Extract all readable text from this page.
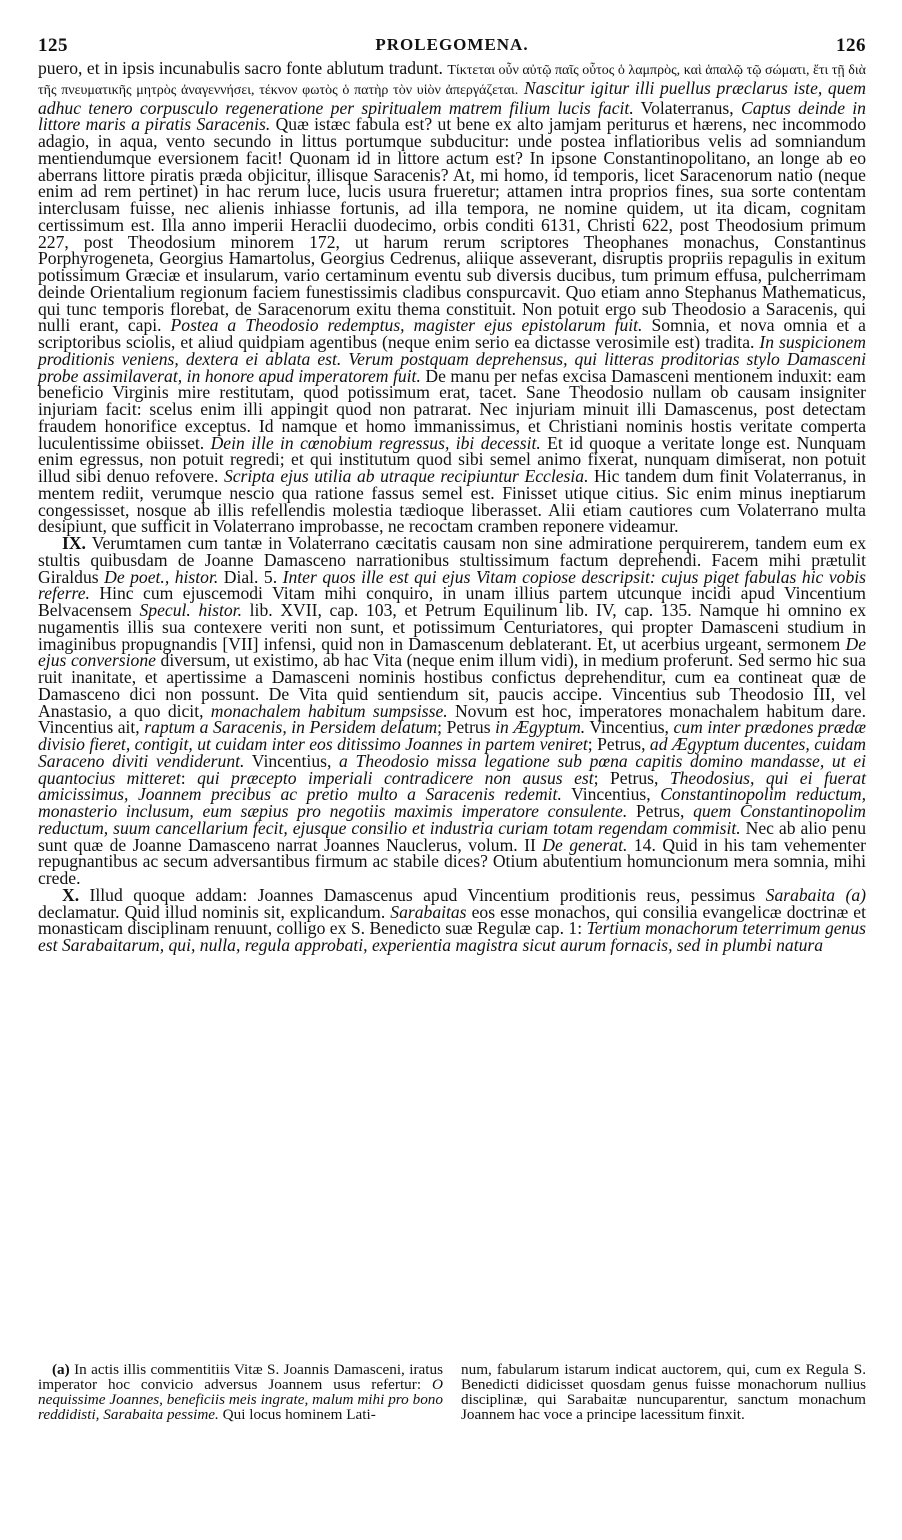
125	PROLEGOMENA.	126

puero, et in ipsis incunabulis sacro fonte ablutum tradunt. Τίκτεται οὖν αὐτῷ παῖς οὗτος ὁ λαμπρὸς, καὶ ἁπαλῷ τῷ σώματι, ἔτι τῇ διὰ τῆς πνευματικῆς μητρὸς ἀναγεννήσει, τέκνον φωτὸς ὁ πατὴρ τὸν υἱὸν ἀπεργάζεται. Nascitur igitur illi puellus præclarus iste, quem adhuc tenero corpusculo regeneratione per spiritualem matrem filium lucis facit. Volaterranus, Captus deinde in littore maris a piratis Saracenis. Quæ istæc fabula est? ut bene ex alto jamjam periturus et hærens, nec incommodo adagio, in aqua, vento secundo in littus portumque subducitur: unde postea inflatioribus velis ad somniandum mentiendumque eversionem facit! Quonam id in littore actum est? In ipsone Constantinopolitano, an longe ab eo aberrans littore piratis præda objicitur, illisque Saracenis? At, mi homo, id temporis, licet Saracenorum natio (neque enim ad rem pertinet) in hac rerum luce, lucis usura frueretur; attamen intra proprios fines, sua sorte contentam interclusam fuisse, nec alienis inhiasse fortunis, ad illa tempora, ne nomine quidem, ut ita dicam, cognitam certissimum est. Illa anno imperii Heraclii duodecimo, orbis conditi 6131, Christi 622, post Theodosium primum 227, post Theodosium minorem 172, ut harum rerum scriptores Theophanes monachus, Constantinus Porphyrogeneta, Georgius Hamartolus, Georgius Cedrenus, aliique asseverant, disruptis propriis repagulis in exitum potissimum Græciæ et insularum, vario certaminum eventu sub diversis ducibus, tum primum effusa, pulcherrimam deinde Orientalium regionum faciem funestissimis cladibus conspurcavit. Quo etiam anno Stephanus Mathematicus, qui tunc temporis florebat, de Saracenorum exitu thema constituit. Non potuit ergo sub Theodosio a Saracenis, qui nulli erant, capi. Postea a Theodosio redemptus, magister ejus epistolarum fuit. Somnia, et nova omnia et a scriptoribus sciolis, et aliud quidpiam agentibus (neque enim serio ea dictasse verosimile est) tradita. In suspicionem proditionis veniens, dextera ei ablata est. Verum postquam deprehensus, qui litteras proditorias stylo Damasceni probe assimilaverat, in honore apud imperatorem fuit. De manu per nefas excisa Damasceni mentionem induxit: eam beneficio Virginis mire restitutam, quod potissimum erat, tacet. Sane Theodosio nullam ob causam insigniter injuriam facit: scelus enim illi appingit quod non patrarat. Nec injuriam minuit illi Damascenus, post detectam fraudem honorifice exceptus. Id namque et homo immanissimus, et Christiani nominis hostis veritate comperta luculentissime obiisset. Dein ille in cœnobium regressus, ibi decessit. Et id quoque a veritate longe est. Nunquam enim egressus, non potuit regredi; et qui institutum quod sibi semel animo fixerat, nunquam dimiserat, non potuit illud sibi denuo refovere. Scripta ejus utilia ab utraque recipiuntur Ecclesia. Hic tandem dum finit Volaterranus, in mentem rediit, verumque nescio qua ratione fassus semel est. Finisset utique citius. Sic enim minus ineptiarum congessisset, nosque ab illis refellendis molestia tædioque liberasset. Alii etiam cautiores cum Volaterrano multa desipiunt, que sufficit in Volaterrano improbasse, ne recoctam cramben reponere videamur.

IX. Verumtamen cum tantæ in Volaterrano cæcitatis causam non sine admiratione perquirerem, tandem eum ex stultis quibusdam de Joanne Damasceno narrationibus stultissimum factum deprehendi. Facem mihi prætulit Giraldus De poet., histor. Dial. 5. Inter quos ille est qui ejus Vitam copiose descripsit: cujus piget fabulas hic vobis referre. Hinc cum ejuscemodi Vitam mihi conquiro, in unam illius partem utcunque incidi apud Vincentium Belvacensem Specul. histor. lib. XVII, cap. 103, et Petrum Equilinum lib. IV, cap. 135. Namque hi omnino ex nugamentis illis sua contexere veriti non sunt, et potissimum Centuriatores, qui propter Damasceni studium in imaginibus propugnandis [VII] infensi, quid non in Damascenum deblaterant. Et, ut acerbius urgeant, sermonem De ejus conversione diversum, ut existimo, ab hac Vita (neque enim illum vidi), in medium proferunt. Sed sermo hic sua ruit inanitate, et apertissime a Damasceni nominis hostibus confictus deprehenditur, cum ea contineat quæ de Damasceno dici non possunt. De Vita quid sentiendum sit, paucis accipe. Vincentius sub Theodosio III, vel Anastasio, a quo dicit, monachalem habitum sumpsisse. Novum est hoc, imperatores monachalem habitum dare. Vincentius ait, raptum a Saracenis, in Persidem delatum; Petrus in Ægyptum. Vincentius, cum inter prædones prædæ divisio fieret, contigit, ut cuidam inter eos ditissimo Joannes in partem veniret; Petrus, ad Ægyptum ducentes, cuidam Saraceno diviti vendiderunt. Vincentius, a Theodosio missa legatione sub pœna capitis domino mandasse, ut ei quantocius mitteret: qui præcepto imperiali contradicere non ausus est; Petrus, Theodosius, qui ei fuerat amicissimus, Joannem precibus ac pretio multo a Saracenis redemit. Vincentius, Constantinopolim reductum, monasterio inclusum, eum sæpius pro negotiis maximis imperatore consulente. Petrus, quem Constantinopolim reductum, suum cancellarium fecit, ejusque consilio et industria curiam totam regendam commisit. Nec ab alio penu sunt quæ de Joanne Damasceno narrat Joannes Nauclerus, volum. II De generat. 14. Quid in his tam vehementer repugnantibus ac secum adversantibus firmum ac stabile dices? Otium abutentium homuncionum mera somnia, mihi crede.

X. Illud quoque addam: Joannes Damascenus apud Vincentium proditionis reus, pessimus Sarabaita (a) declamatur. Quid illud nominis sit, explicandum. Sarabaitas eos esse monachos, qui consilia evangelicæ doctrinæ et monasticam disciplinam renuunt, colligo ex S. Benedicto suæ Regulæ cap. 1: Tertium monachorum teterrimum genus est Sarabaitarum, qui, nulla, regula approbati, experientia magistra sicut aurum fornacis, sed in plumbi natura

(a) In actis illis commentitiis Vitæ S. Joannis Damasceni, iratus imperator hoc convicio adversus Joannem usus refertur: O nequissime Joannes, beneficiis meis ingrate, malum mihi pro bono reddidisti, Sarabaita pessime. Qui locus hominem Lati-

num, fabularum istarum indicat auctorem, qui, cum ex Regula S. Benedicti didicisset quosdam genus fuisse monachorum nullius disciplinæ, qui Sarabaitæ nuncuparentur, sanctum monachum Joannem hac voce a principe lacessitum finxit.
